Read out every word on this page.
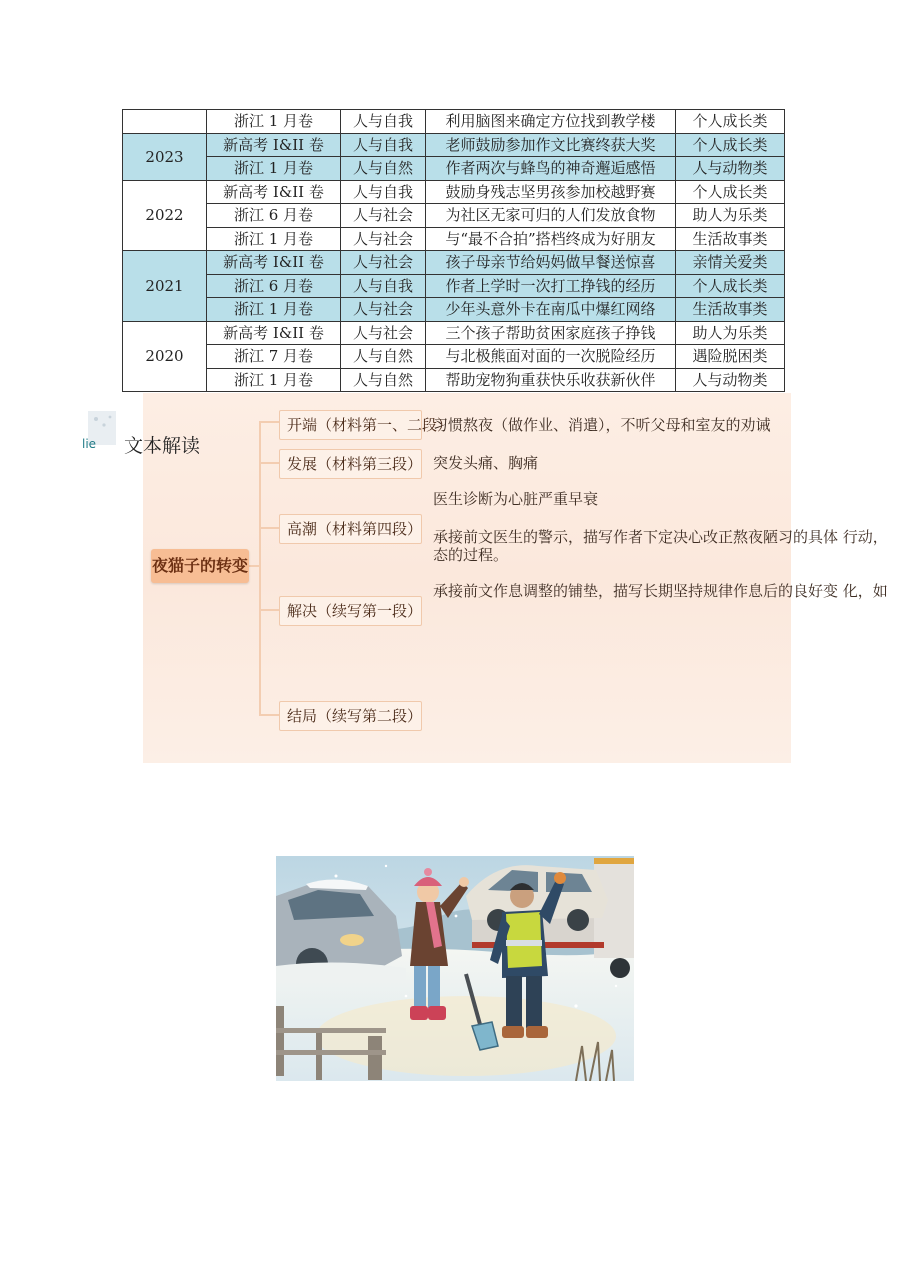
	浙江 1 月卷	人与自我	利用脑图来确定方位找到教学楼	个人成长类
2023	新高考 I&II 卷	人与自我	老师鼓励参加作文比赛终获大奖	个人成长类
	浙江 1 月卷	人与自然	作者两次与蜂鸟的神奇邂逅感悟	人与动物类
2022	新高考 I&II 卷	人与自我	鼓励身残志坚男孩参加校越野赛	个人成长类
	浙江 6 月卷	人与社会	为社区无家可归的人们发放食物	助人为乐类
	浙江 1 月卷	人与社会	与“最不合拍”搭档终成为好朋友	生活故事类
2021	新高考 I&II 卷	人与社会	孩子母亲节给妈妈做早餐送惊喜	亲情关爱类
	浙江 6 月卷	人与自我	作者上学时一次打工挣钱的经历	个人成长类
	浙江 1 月卷	人与社会	少年头意外卡在南瓜中爆红网络	生活故事类
2020	新高考 I&II 卷	人与社会	三个孩子帮助贫困家庭孩子挣钱	助人为乐类
	浙江 7 月卷	人与自然	与北极熊面对面的一次脱险经历	遇险脱困类
	浙江 1 月卷	人与自然	帮助宠物狗重获快乐收获新伙伴	人与动物类
夜猫子的转变
开端（材料第一、二段）
发展（材料第三段）
高潮（材料第四段）
解决（续写第一段）
结局（续写第二段）
习惯熬夜（做作业、消遣），不听父母和室友的劝诫
突发头痛、胸痛
医生诊断为心脏严重早衰
承接前文医生的警示，描写作者下定决心改正熬夜陋习的具体 行动，
态的过程。
承接前文作息调整的铺垫，描写长期坚持规律作息后的良好变 化，如
lie 文本解读
